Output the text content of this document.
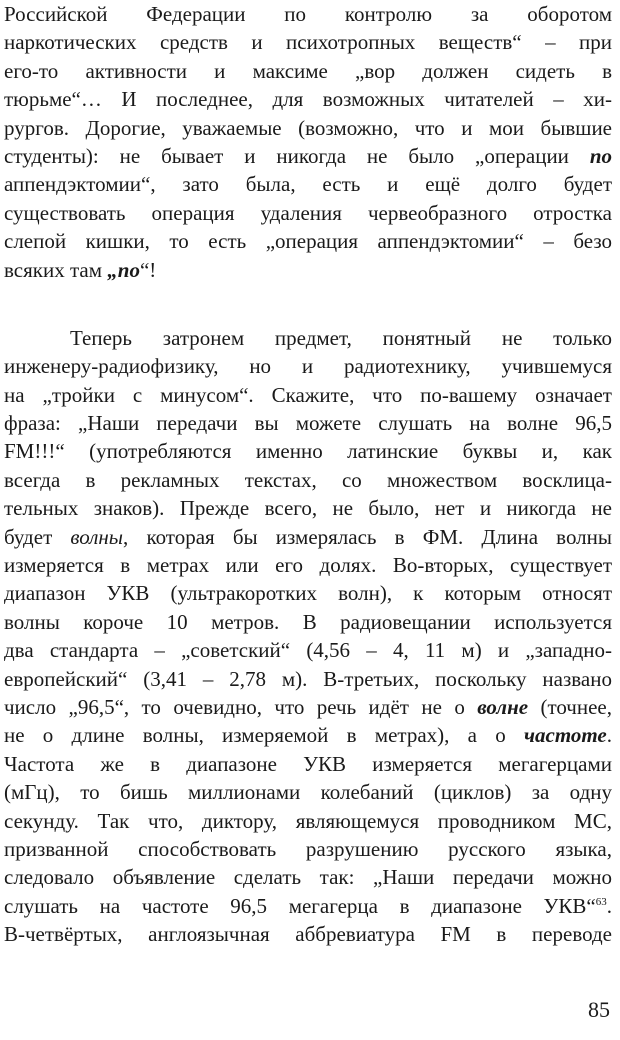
Российской Федерации по контролю за оборотом
наркотических средств и психотропных веществ“ – при
его-то активности и максиме „вор должен сидеть в
тюрьме“… И последнее, для возможных читателей – хи-
рургов. Дорогие, уважаемые (возможно, что и мои бывшие
студенты): не бывает и никогда не было „операции по
аппендэктомии“, зато была, есть и ещё долго будет
существовать операция удаления червеобразного отростка
слепой кишки, то есть „операция аппендэктомии“ – безо
всяких там „по“!
Теперь затронем предмет, понятный не только
инженеру-радиофизику, но и радиотехнику, учившемуся
на „тройки с минусом“. Скажите, что по-вашему означает
фраза: „Наши передачи вы можете слушать на волне 96,5
FM!!!“ (употребляются именно латинские буквы и, как
всегда в рекламных текстах, со множеством восклица-
тельных знаков). Прежде всего, не было, нет и никогда не
будет волны, которая бы измерялась в ФМ. Длина волны
измеряется в метрах или его долях. Во-вторых, существует
диапазон УКВ (ультракоротких волн), к которым относят
волны короче 10 метров. В радиовещании используется
два стандарта – „советский“ (4,56 – 4, 11 м) и „западно-
европейский“ (3,41 – 2,78 м). В-третьих, поскольку названо
число „96,5“, то очевидно, что речь идёт не о волне (точнее,
не о длине волны, измеряемой в метрах), а о частоте.
Частота же в диапазоне УКВ измеряется мегагерцами
(мГц), то бишь миллионами колебаний (циклов) за одну
секунду. Так что, диктору, являющемуся проводником МС,
призванной способствовать разрушению русского языка,
следовало объявление сделать так: „Наши передачи можно
слушать на частоте 96,5 мегагерца в диапазоне УКВ“$^{63}$.
В-четвёртых, англоязычная аббревиатура FM в переводе
85
